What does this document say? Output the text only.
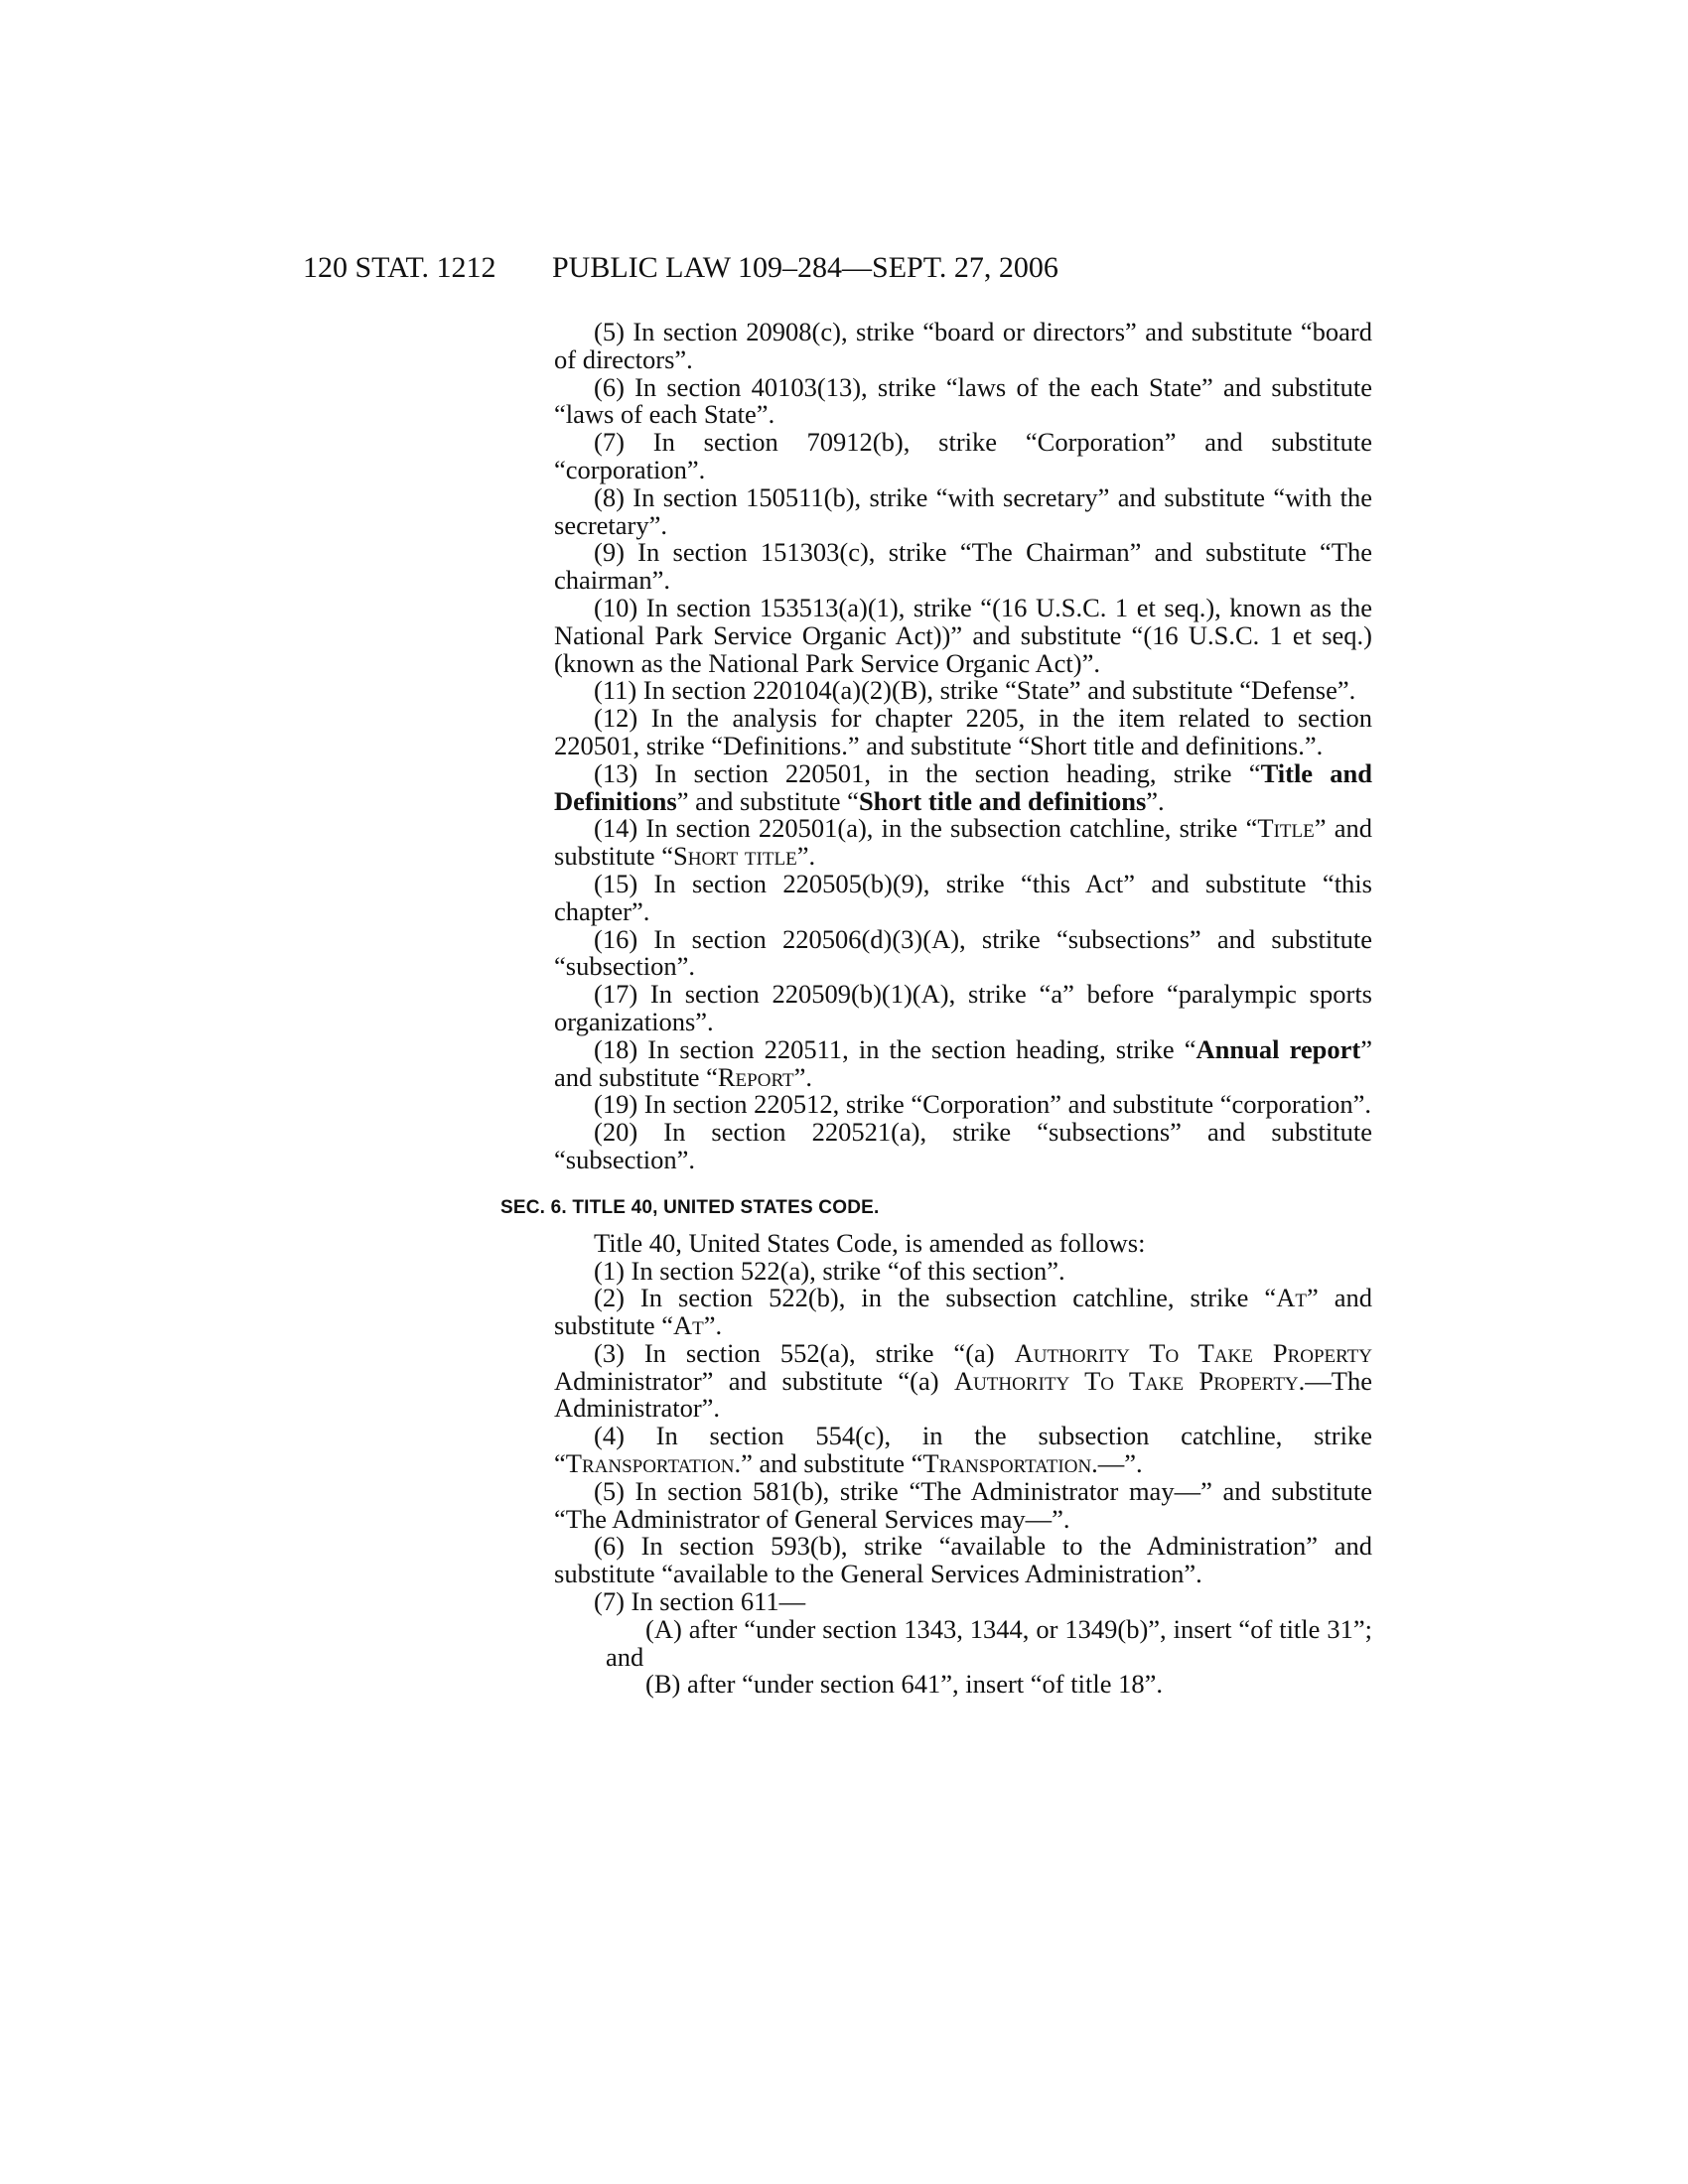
120 STAT. 1212 PUBLIC LAW 109–284—SEPT. 27, 2006

(5) In section 20908(c), strike “board or directors” and substitute “board of directors”.

(6) In section 40103(13), strike “laws of the each State” and substitute “laws of each State”.

(7) In section 70912(b), strike “Corporation” and substitute “corporation”.

(8) In section 150511(b), strike “with secretary” and substitute “with the secretary”.

(9) In section 151303(c), strike “The Chairman” and substitute “The chairman”.

(10) In section 153513(a)(1), strike “(16 U.S.C. 1 et seq.), known as the National Park Service Organic Act))” and substitute “(16 U.S.C. 1 et seq.) (known as the National Park Service Organic Act)”.

(11) In section 220104(a)(2)(B), strike “State” and substitute “Defense”.

(12) In the analysis for chapter 2205, in the item related to section 220501, strike “Definitions.” and substitute “Short title and definitions.”.

(13) In section 220501, in the section heading, strike “Title and Definitions” and substitute “Short title and definitions”.

(14) In section 220501(a), in the subsection catchline, strike “Title” and substitute “Short title”.

(15) In section 220505(b)(9), strike “this Act” and substitute “this chapter”.

(16) In section 220506(d)(3)(A), strike “subsections” and substitute “subsection”.

(17) In section 220509(b)(1)(A), strike “a” before “paralympic sports organizations”.

(18) In section 220511, in the section heading, strike “Annual report” and substitute “Report”.

(19) In section 220512, strike “Corporation” and substitute “corporation”.

(20) In section 220521(a), strike “subsections” and substitute “subsection”.

SEC. 6. TITLE 40, UNITED STATES CODE.

Title 40, United States Code, is amended as follows:

(1) In section 522(a), strike “of this section”.

(2) In section 522(b), in the subsection catchline, strike “At” and substitute “At”.

(3) In section 552(a), strike “(a) Authority To Take Property Administrator” and substitute “(a) Authority To Take Property.—The Administrator”.

(4) In section 554(c), in the subsection catchline, strike “Transportation.” and substitute “Transportation.—”.

(5) In section 581(b), strike “The Administrator may—” and substitute “The Administrator of General Services may—”.

(6) In section 593(b), strike “available to the Administration” and substitute “available to the General Services Administration”.

(7) In section 611—

(A) after “under section 1343, 1344, or 1349(b)”, insert “of title 31”; and

(B) after “under section 641”, insert “of title 18”.
